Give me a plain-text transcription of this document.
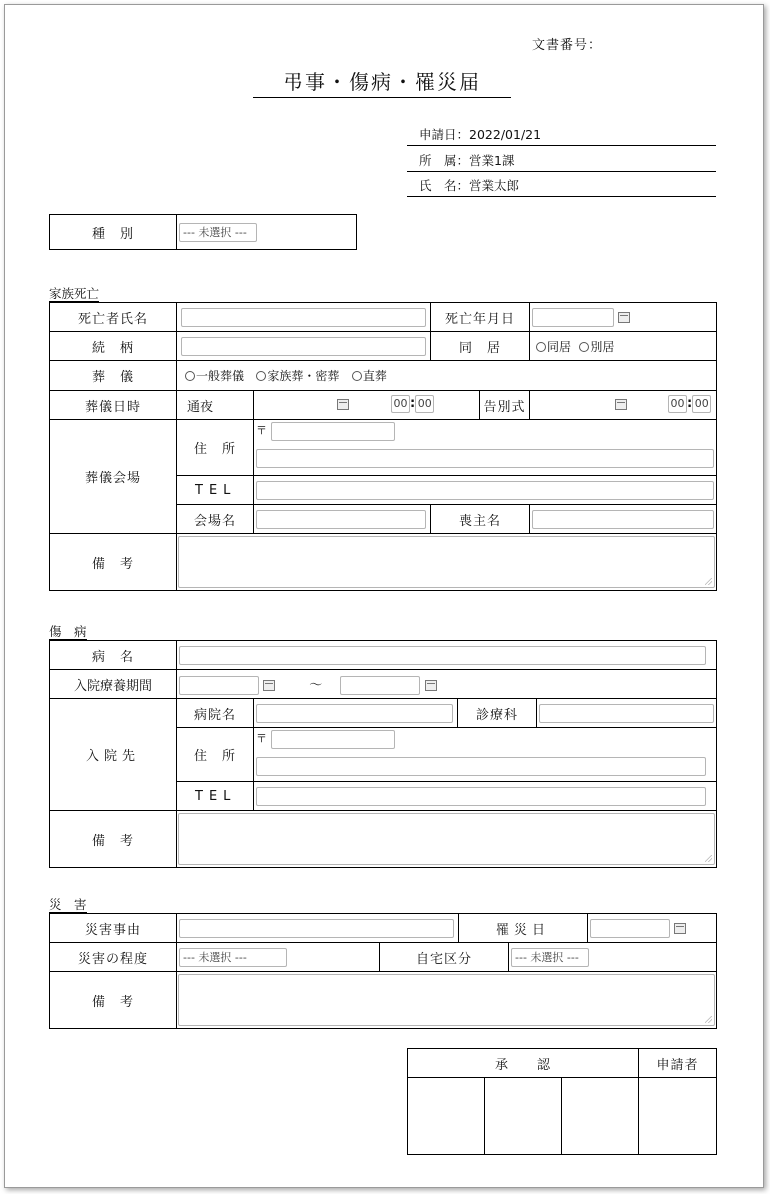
文書番号：
弔事・傷病・罹災届
申請日：2022/01/21
所　属：営業1課
氏　名：営業太郎
種　別	--- 未選択 ---
家族死亡
死亡者氏名			死亡年月日		
続　柄			同　居		同居 別居
葬　儀	一般葬儀 家族葬・密葬 直葬				
葬儀日時	通夜	00 : 00		告別式	00 : 00

葬儀会場	住　所	〒

	TEL				

	会場名		喪主名		

備　考					
傷　病
病　名				

入院療養期間	～			
入院先	病院名		診療科	

	住　所	〒

	TEL			

備　考				
災　害
災害事由			罹災日		
災害の程度	--- 未選択 ---	自宅区分		--- 未選択 ---	
備　考					
承　　認			申請者
